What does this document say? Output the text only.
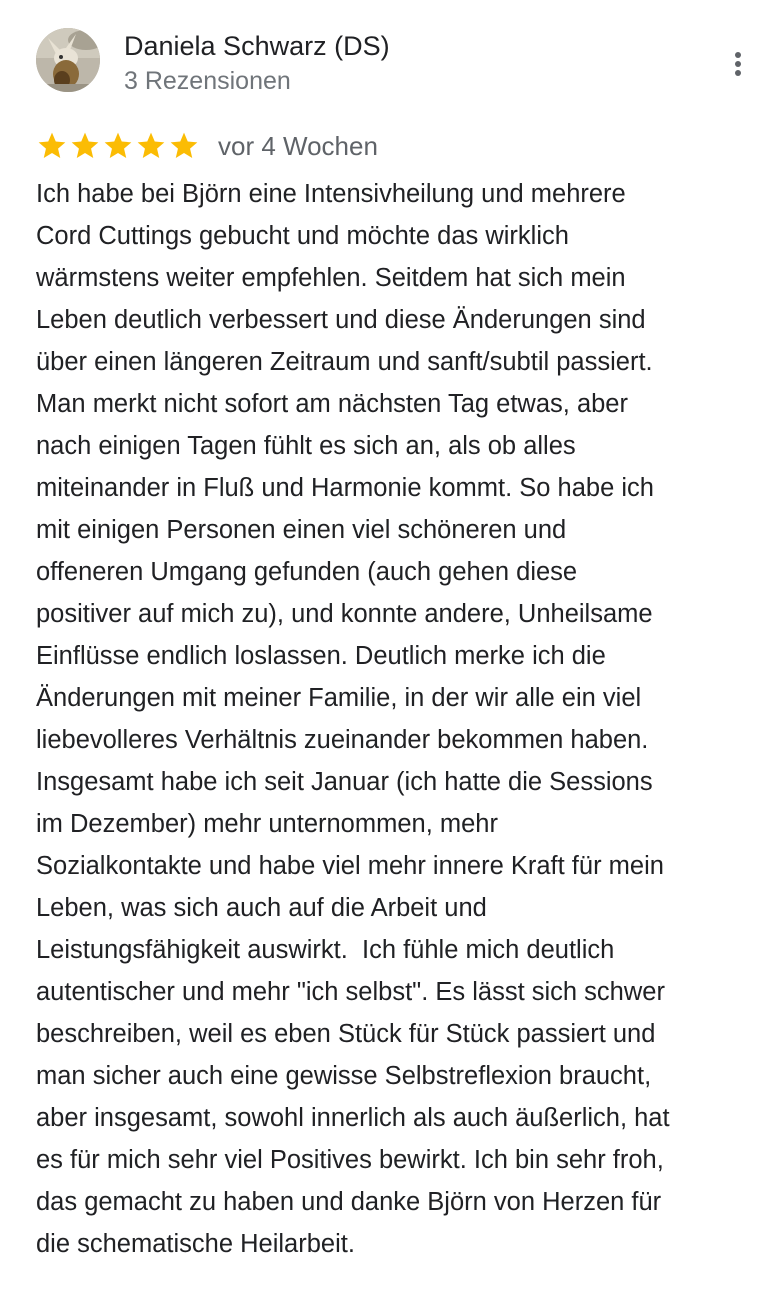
Daniela Schwarz (DS)
3 Rezensionen
vor 4 Wochen
Ich habe bei Björn eine Intensivheilung und mehrere
Cord Cuttings gebucht und möchte das wirklich
wärmstens weiter empfehlen. Seitdem hat sich mein
Leben deutlich verbessert und diese Änderungen sind
über einen längeren Zeitraum und sanft/subtil passiert.
Man merkt nicht sofort am nächsten Tag etwas, aber
nach einigen Tagen fühlt es sich an, als ob alles
miteinander in Fluß und Harmonie kommt. So habe ich
mit einigen Personen einen viel schöneren und
offeneren Umgang gefunden (auch gehen diese
positiver auf mich zu), und konnte andere, Unheilsame
Einflüsse endlich loslassen. Deutlich merke ich die
Änderungen mit meiner Familie, in der wir alle ein viel
liebevolleres Verhältnis zueinander bekommen haben.
Insgesamt habe ich seit Januar (ich hatte die Sessions
im Dezember) mehr unternommen, mehr
Sozialkontakte und habe viel mehr innere Kraft für mein
Leben, was sich auch auf die Arbeit und
Leistungsfähigkeit auswirkt.  Ich fühle mich deutlich
autentischer und mehr "ich selbst". Es lässt sich schwer
beschreiben, weil es eben Stück für Stück passiert und
man sicher auch eine gewisse Selbstreflexion braucht,
aber insgesamt, sowohl innerlich als auch äußerlich, hat
es für mich sehr viel Positives bewirkt. Ich bin sehr froh,
das gemacht zu haben und danke Björn von Herzen für
die schematische Heilarbeit.
